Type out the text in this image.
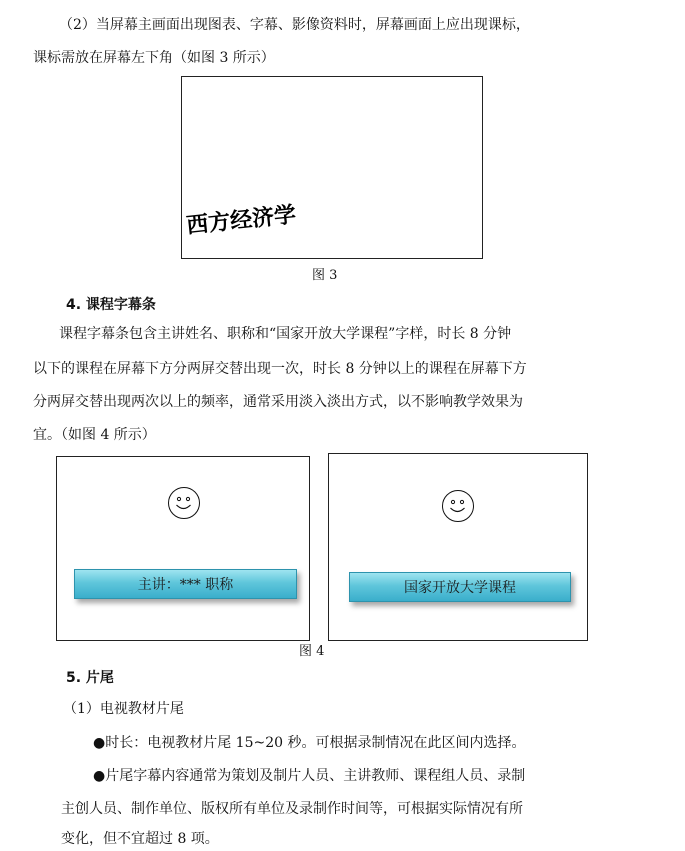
（2）当屏幕主画面出现图表、字幕、影像资料时，屏幕画面上应出现课标，
课标需放在屏幕左下角（如图 3 所示）
西方经济学
图 3
4. 课程字幕条
课程字幕条包含主讲姓名、职称和“国家开放大学课程”字样，时长 8 分钟
以下的课程在屏幕下方分两屏交替出现一次，时长 8 分钟以上的课程在屏幕下方
分两屏交替出现两次以上的频率，通常采用淡入淡出方式，以不影响教学效果为
宜。（如图 4 所示）
主讲：*** 职称	国家开放大学课程
图 4
5. 片尾
（1）电视教材片尾
●时长：电视教材片尾 15~20 秒。可根据录制情况在此区间内选择。
●片尾字幕内容通常为策划及制片人员、主讲教师、课程组人员、录制
主创人员、制作单位、版权所有单位及录制作时间等，可根据实际情况有所
变化，但不宜超过 8 项。
